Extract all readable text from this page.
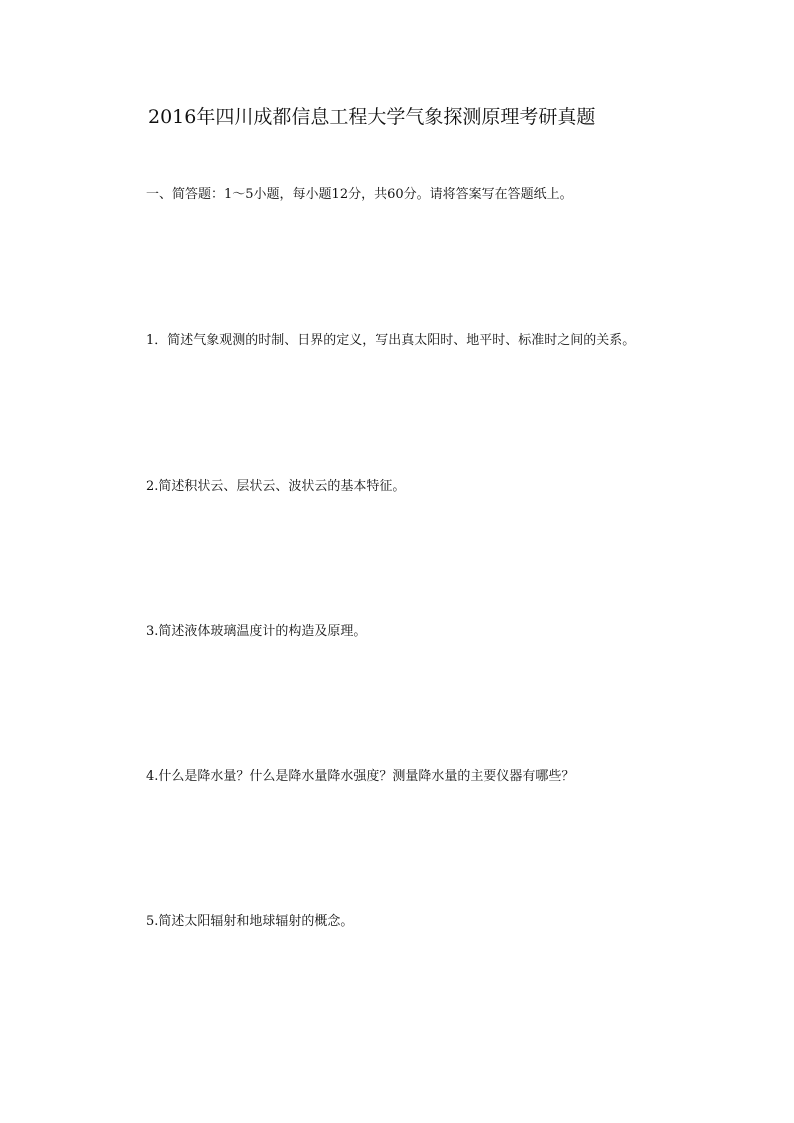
2016年四川成都信息工程大学气象探测原理考研真题

一、简答题：1～5小题，每小题12分，共60分。请将答案写在答题纸上。

1．简述气象观测的时制、日界的定义，写出真太阳时、地平时、标准时之间的关系。

2.简述积状云、层状云、波状云的基本特征。

3.简述液体玻璃温度计的构造及原理。

4.什么是降水量？什么是降水量降水强度？测量降水量的主要仪器有哪些？

5.简述太阳辐射和地球辐射的概念。
